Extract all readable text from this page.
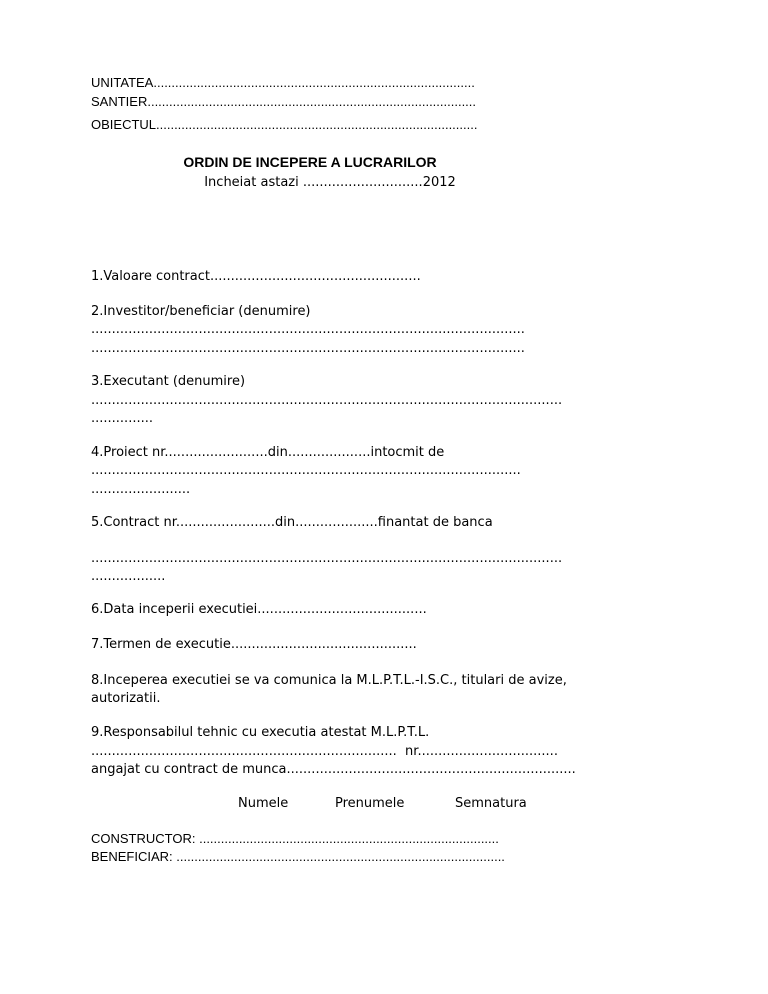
UNITATEA.........................................................................................
SANTIER...........................................................................................
OBIECTUL.........................................................................................
ORDIN DE INCEPERE A LUCRARILOR
Incheiat astazi .............................2012
1.Valoare contract...................................................
2.Investitor/beneficiar (denumire)
.........................................................................................................
.........................................................................................................
3.Executant (denumire)
..................................................................................................................
...............
4.Proiect nr.........................din....................intocmit de
........................................................................................................
........................
5.Contract nr........................din....................finantat de banca
..................................................................................................................
..................
6.Data inceperii executiei.........................................
7.Termen de executie.............................................
8.Inceperea executiei se va comunica la M.L.P.T.L.-I.S.C., titulari de avize,
autorizatii.
9.Responsabilul tehnic cu executia atestat M.L.P.T.L.
..........................................................................  nr..................................
angajat cu contract de munca......................................................................
Numele	Prenumele	Semnatura
CONSTRUCTOR: ...................................................................................
BENEFICIAR: ...........................................................................................
